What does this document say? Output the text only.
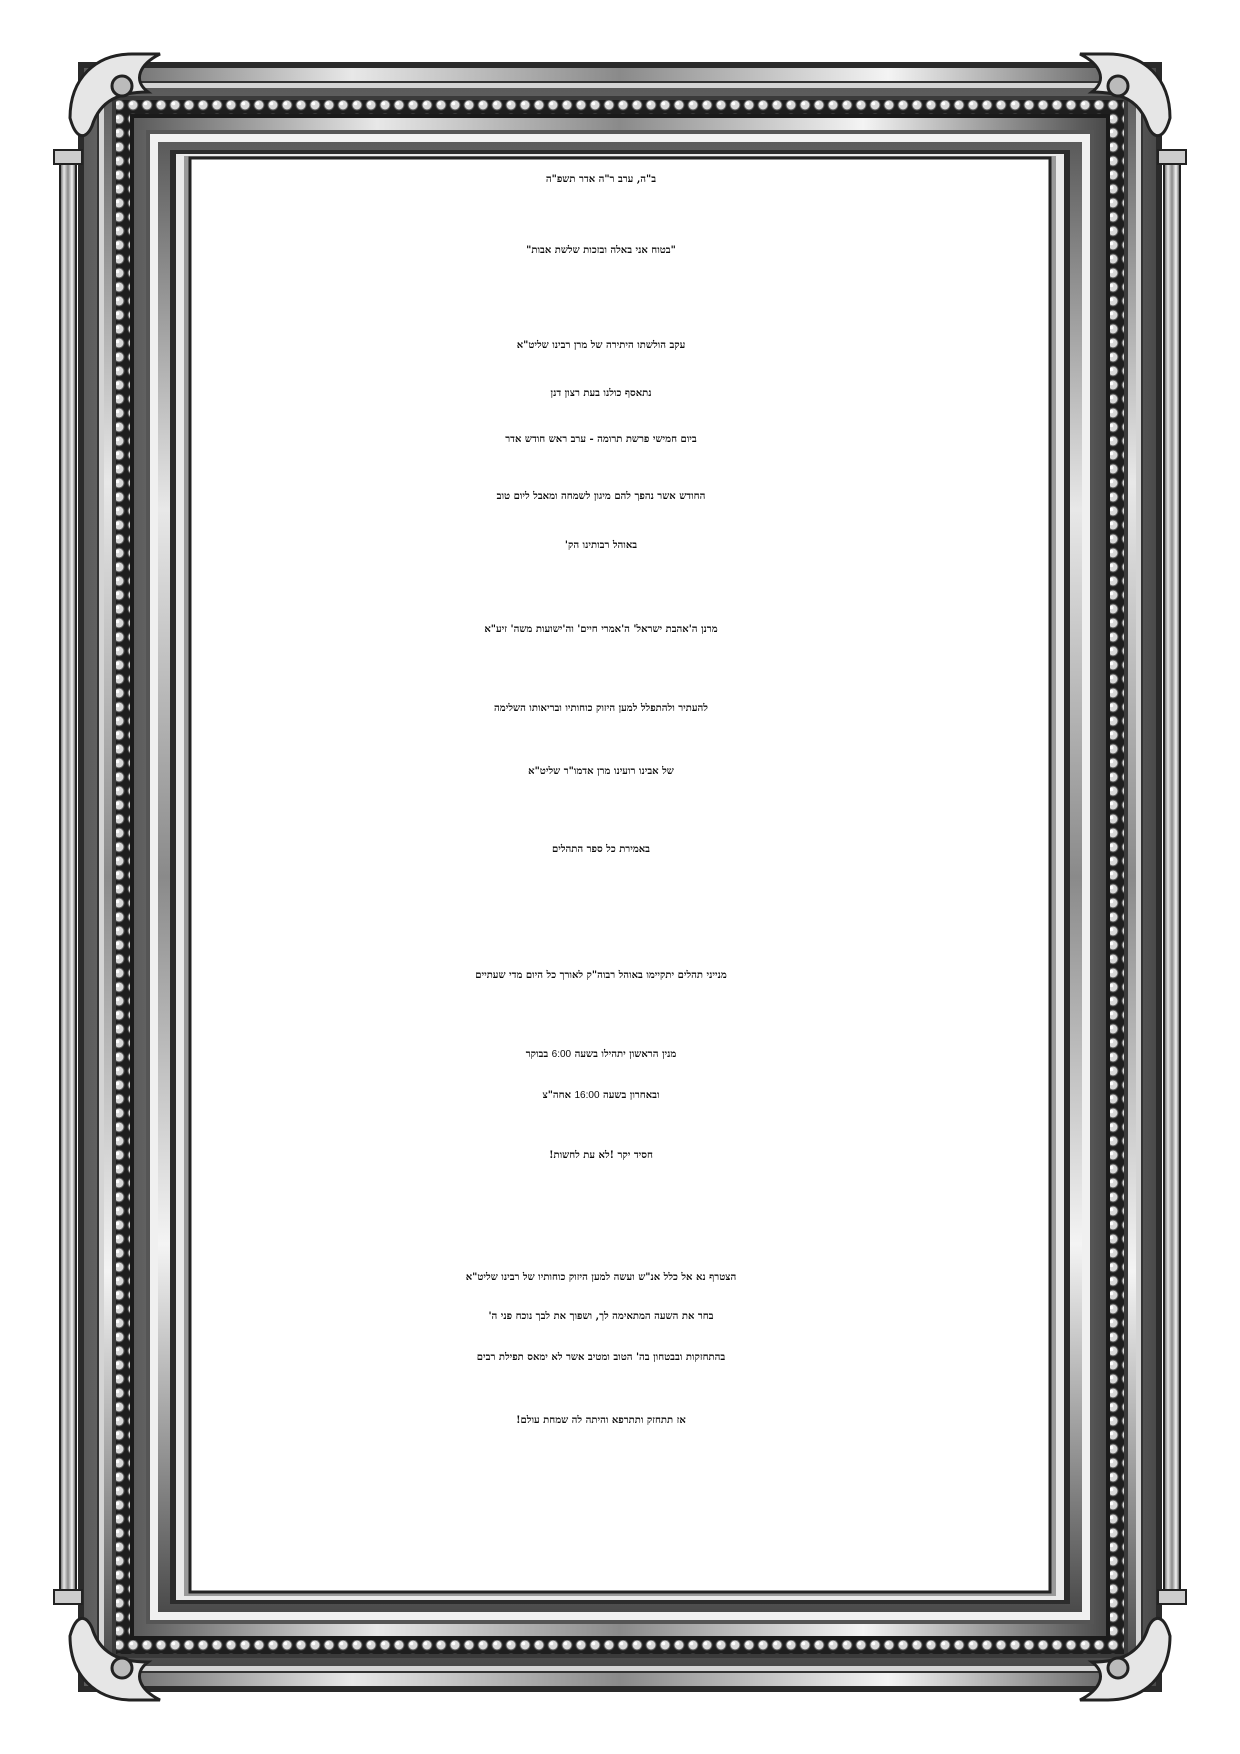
ב"ה, ערב ר"ה אדר תשפ"ה
"בטוח אני באלה ובזכות שלשת אבות"
עקב הולשתו היתירה של מרן רבינו שליט"א
נתאסף כולנו בעת רצון דנן
ביום חמישי פרשת תרומה - ערב ראש חודש אדר
החודש אשר נהפך להם מיגון לשמחה ומאבל ליום טוב
באוהל רבותינו הק'
מרנן ה'אהבת ישראל' ה'אמרי חיים' וה'ישועות משה' זיע"א
להעתיר ולהתפלל למען היזוק כוחותיו ובריאותו השלימה
של אבינו רועינו מרן אדמו"ר שליט"א
באמירת כל ספר התהלים
מנייני תהלים יתקיימו באוהל רבוה"ק לאורך כל היום מדי שעתיים
מנין הראשון יתהילו בשעה 6:00 בבוקר
ובאחרון בשעה 16:00 אחה"צ
חסיד יקר !לא עת לחשות!
הצטרף נא אל כלל אנ"ש ועשה למען היזוק כוחותיו של רבינו שליט"א
בחר את השעה המתאימה לך, ושפוך את לבך נוכח פני ה'
בהתחזקות ובבטחון בה' הטוב ומטיב אשר לא ימאס תפילת רבים
אז תתחזק ותתרפא והיתה לה שמחת עולם!
